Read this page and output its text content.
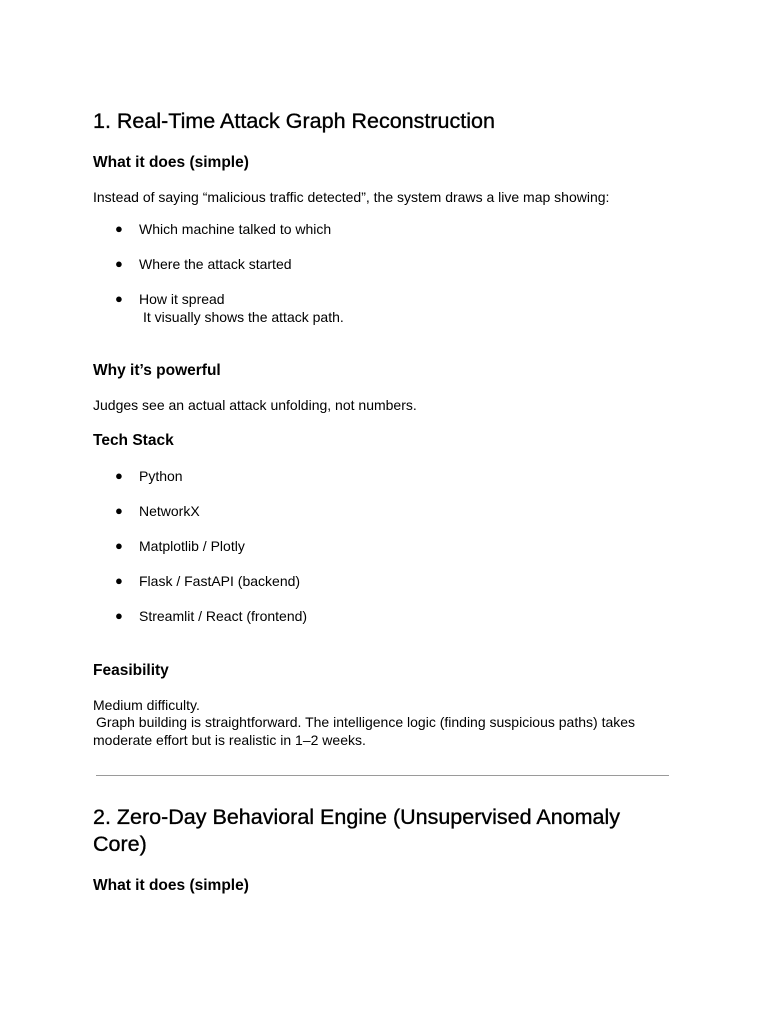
1. Real-Time Attack Graph Reconstruction
What it does (simple)
Instead of saying “malicious traffic detected”, the system draws a live map showing:
● Which machine talked to which
● Where the attack started
● How it spread
It visually shows the attack path.
Why it’s powerful
Judges see an actual attack unfolding, not numbers.
Tech Stack
● Python
● NetworkX
● Matplotlib / Plotly
● Flask / FastAPI (backend)
● Streamlit / React (frontend)
Feasibility
Medium difficulty.
Graph building is straightforward. The intelligence logic (finding suspicious paths) takes
moderate effort but is realistic in 1–2 weeks.
2. Zero-Day Behavioral Engine (Unsupervised Anomaly
Core)
What it does (simple)
